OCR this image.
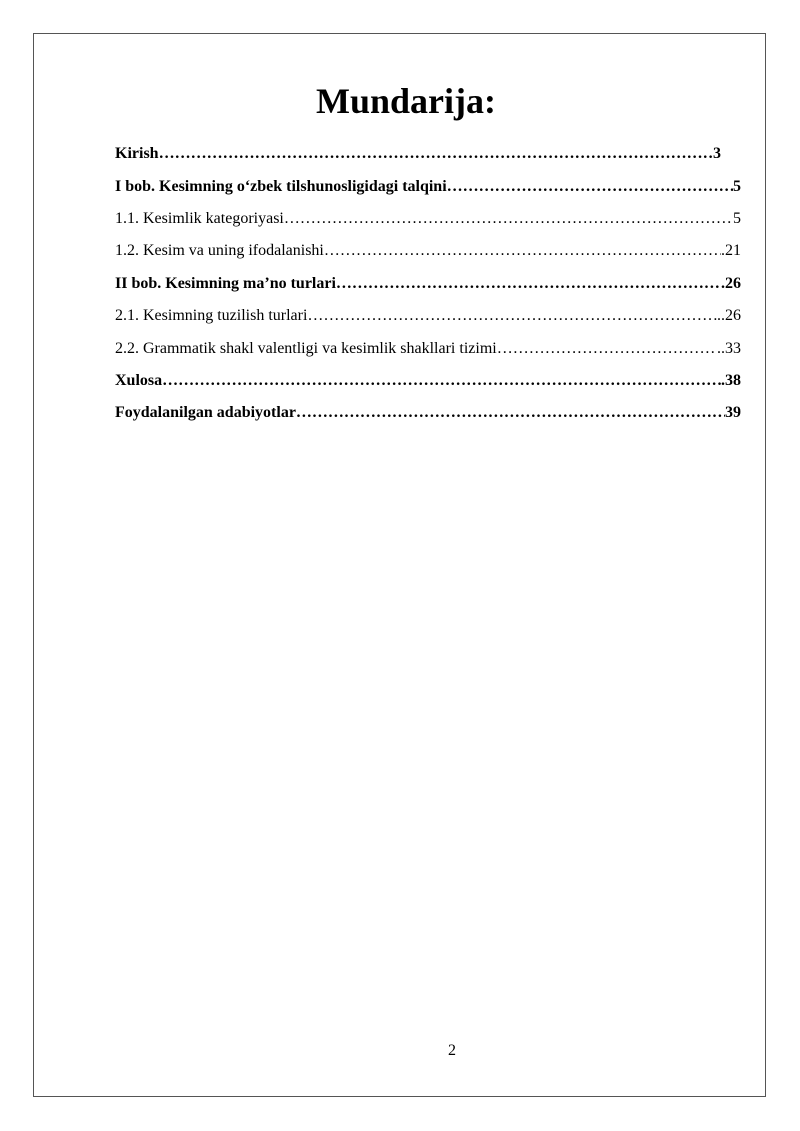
Mundarija:
Kirish …………………………………………………………………………………………………………………………………………………………………………	3
I bob. Kesimning o‘zbek tilshunosligidagi talqini …………………………………………………………………………………………………………………………………………………………………………	5
1.1. Kesimlik kategoriyasi …………………………………………………………………………………………………………………………………………………………………………	5
1.2. Kesim va uning ifodalanishi …………………………………………………………………………………………………………………………………………………………………………	.21
II bob. Kesimning ma’no turlari …………………………………………………………………………………………………………………………………………………………………………	.26
2.1. Kesimning tuzilish turlari …………………………………………………………………………………………………………………………………………………………………………	..26
2.2. Grammatik shakl valentligi va kesimlik shakllari tizimi …………………………………………………………………………………………………………………………………………………………………………	..33
Xulosa …………………………………………………………………………………………………………………………………………………………………………	.38
Foydalanilgan adabiyotlar …………………………………………………………………………………………………………………………………………………………………………	39
2
